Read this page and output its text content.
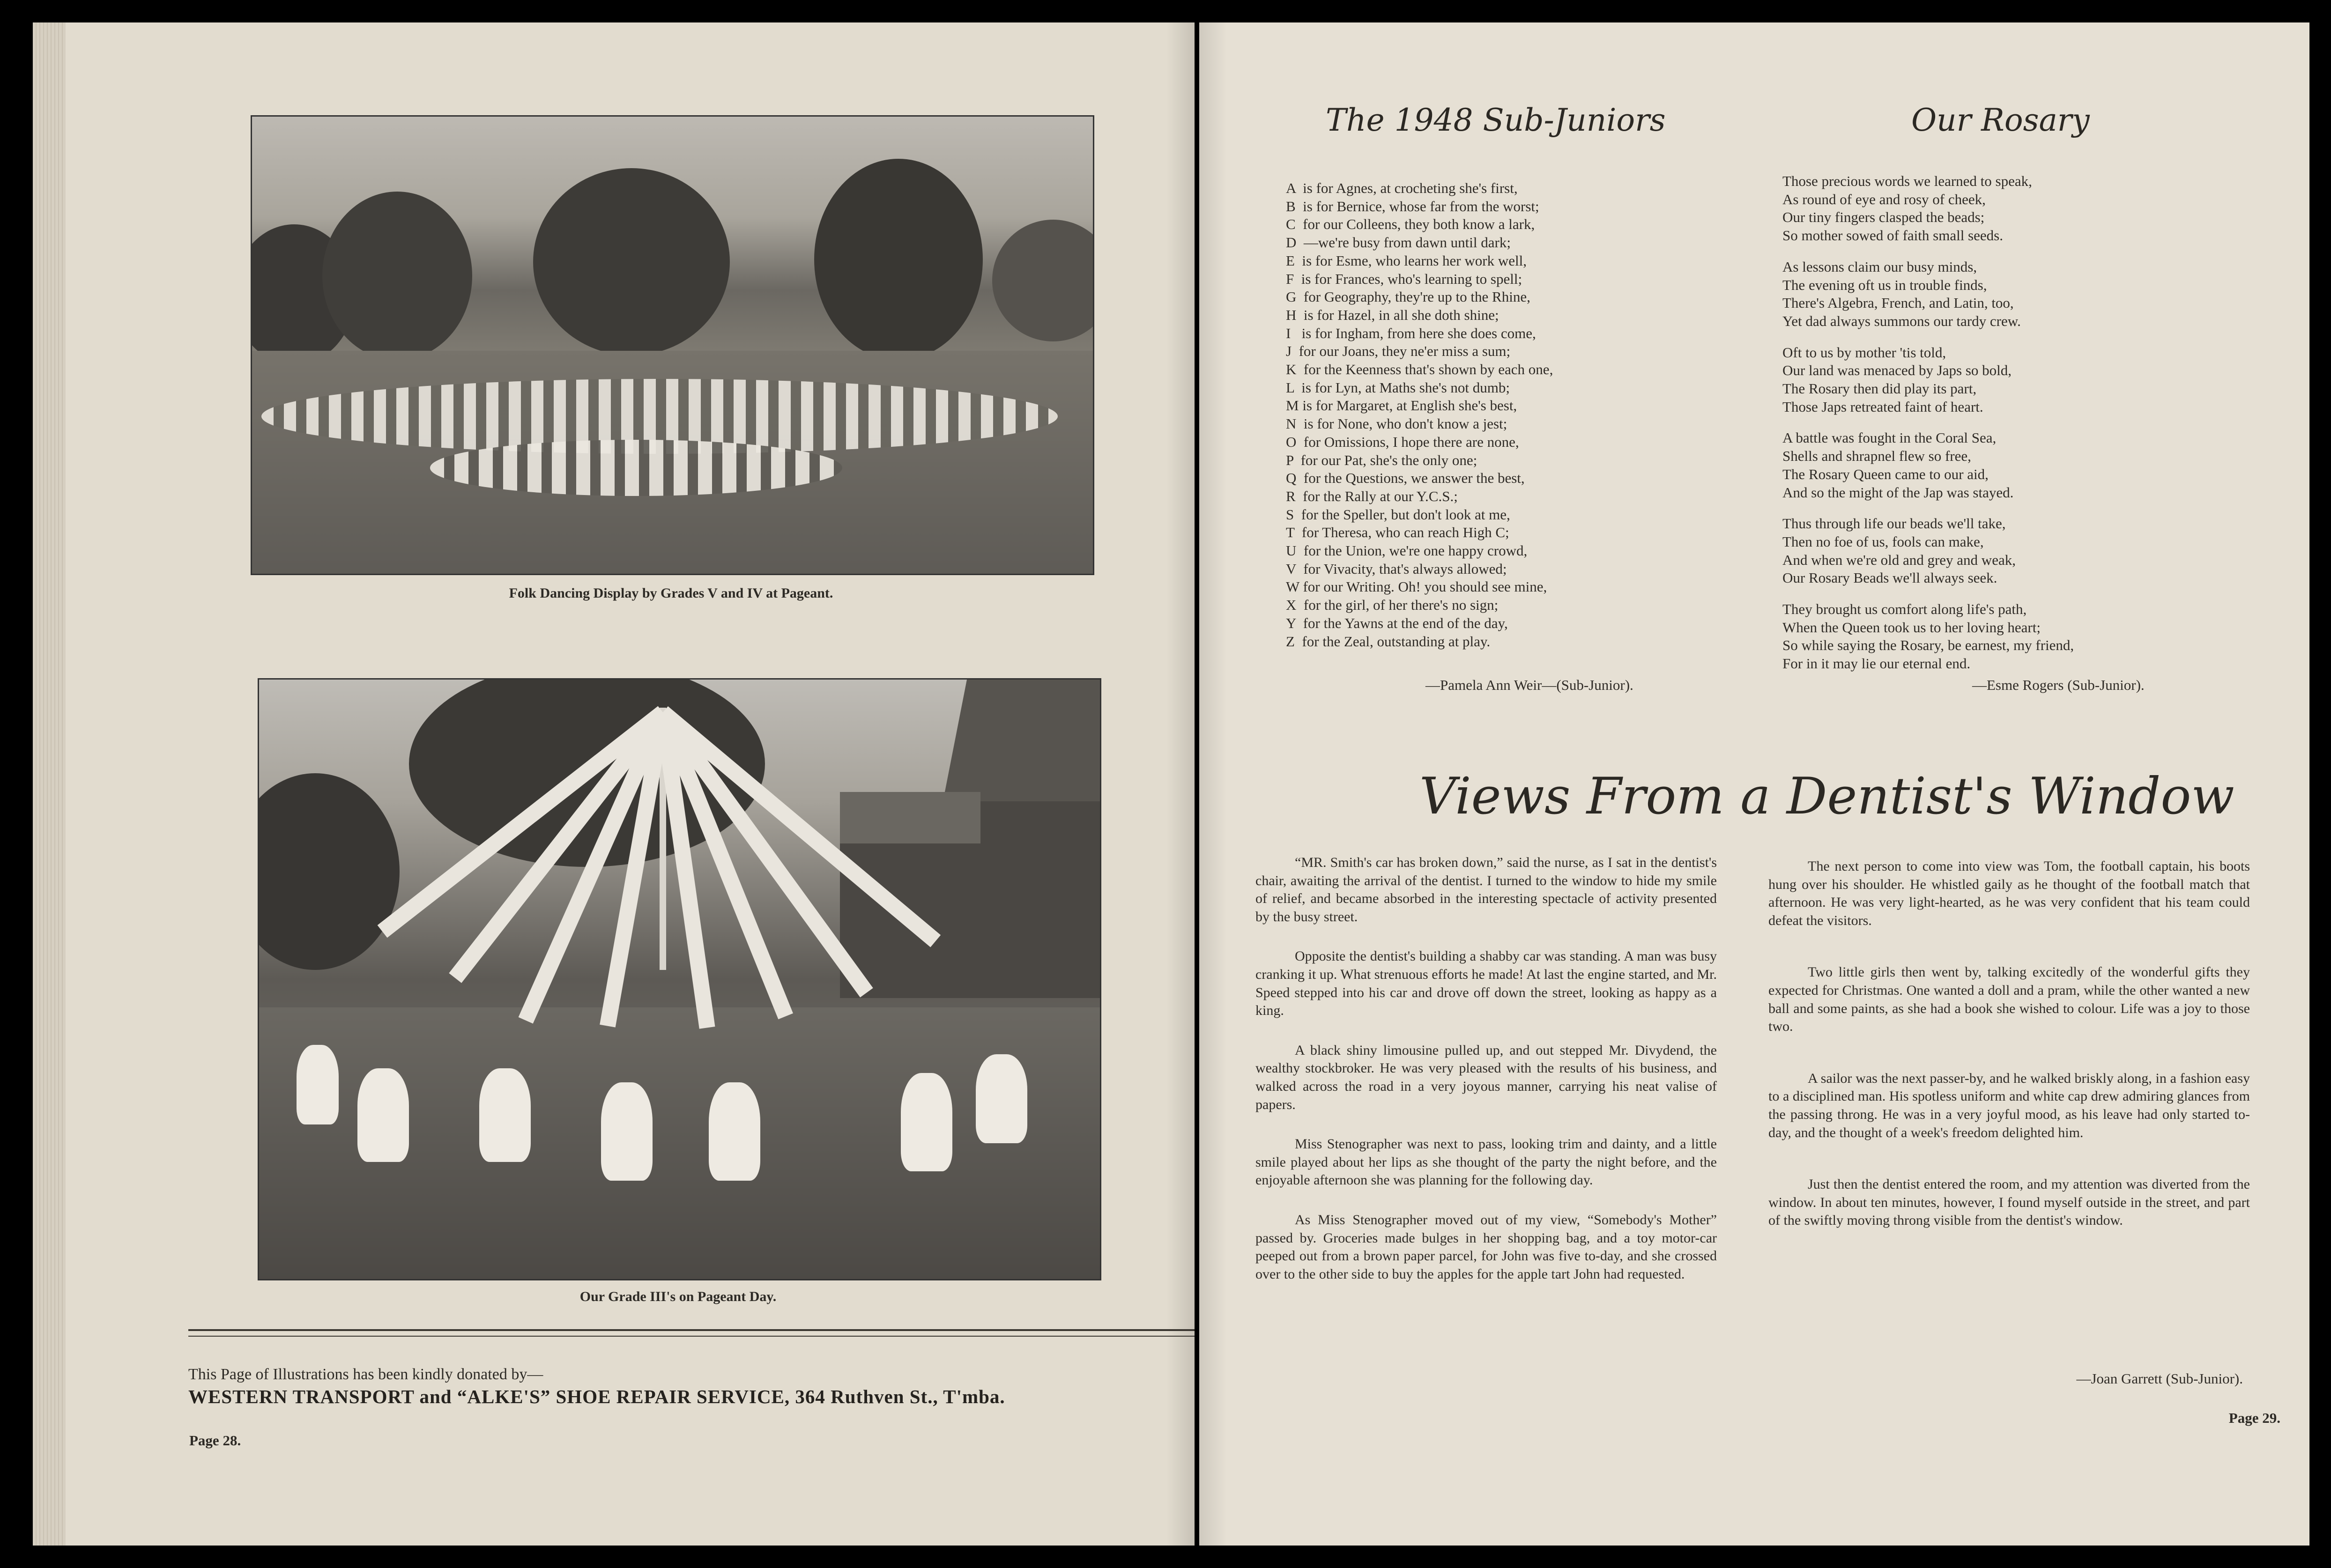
Folk Dancing Display by Grades V and IV at Pageant.
Our Grade III's on Pageant Day.
This Page of Illustrations has been kindly donated by—
WESTERN TRANSPORT and “ALKE'S” SHOE REPAIR SERVICE, 364 Ruthven St., T'mba.
Page 28.
The 1948 Sub-Juniors
A  is for Agnes, at crocheting she's first,
B  is for Bernice, whose far from the worst;
C  for our Colleens, they both know a lark,
D  —we're busy from dawn until dark;
E  is for Esme, who learns her work well,
F  is for Frances, who's learning to spell;
G  for Geography, they're up to the Rhine,
H  is for Hazel, in all she doth shine;
I   is for Ingham, from here she does come,
J  for our Joans, they ne'er miss a sum;
K  for the Keenness that's shown by each one,
L  is for Lyn, at Maths she's not dumb;
M is for Margaret, at English she's best,
N  is for None, who don't know a jest;
O  for Omissions, I hope there are none,
P  for our Pat, she's the only one;
Q  for the Questions, we answer the best,
R  for the Rally at our Y.C.S.;
S  for the Speller, but don't look at me,
T  for Theresa, who can reach High C;
U  for the Union, we're one happy crowd,
V  for Vivacity, that's always allowed;
W for our Writing. Oh! you should see mine,
X  for the girl, of her there's no sign;
Y  for the Yawns at the end of the day,
Z  for the Zeal, outstanding at play.
—Pamela Ann Weir—(Sub-Junior).
Our Rosary
Those precious words we learned to speak,
As round of eye and rosy of cheek,
Our tiny fingers clasped the beads;
So mother sowed of faith small seeds.
As lessons claim our busy minds,
The evening oft us in trouble finds,
There's Algebra, French, and Latin, too,
Yet dad always summons our tardy crew.
Oft to us by mother 'tis told,
Our land was menaced by Japs so bold,
The Rosary then did play its part,
Those Japs retreated faint of heart.
A battle was fought in the Coral Sea,
Shells and shrapnel flew so free,
The Rosary Queen came to our aid,
And so the might of the Jap was stayed.
Thus through life our beads we'll take,
Then no foe of us, fools can make,
And when we're old and grey and weak,
Our Rosary Beads we'll always seek.
They brought us comfort along life's path,
When the Queen took us to her loving heart;
So while saying the Rosary, be earnest, my friend,
For in it may lie our eternal end.
—Esme Rogers (Sub-Junior).
Views From a Dentist's Window

“MR. Smith's car has broken down,” said the nurse, as I sat in the dentist's chair, awaiting the arrival of the dentist. I turned to the window to hide my smile of relief, and became absorbed in the interesting spectacle of activity presented by the busy street.

Opposite the dentist's building a shabby car was standing. A man was busy cranking it up. What strenuous efforts he made! At last the engine started, and Mr. Speed stepped into his car and drove off down the street, looking as happy as a king.

A black shiny limousine pulled up, and out stepped Mr. Divydend, the wealthy stockbroker. He was very pleased with the results of his business, and walked across the road in a very joyous manner, carrying his neat valise of papers.

Miss Stenographer was next to pass, looking trim and dainty, and a little smile played about her lips as she thought of the party the night before, and the enjoyable afternoon she was planning for the following day.

As Miss Stenographer moved out of my view, “Somebody's Mother” passed by. Groceries made bulges in her shopping bag, and a toy motor-car peeped out from a brown paper parcel, for John was five to-day, and she crossed over to the other side to buy the apples for the apple tart John had requested.

The next person to come into view was Tom, the football captain, his boots hung over his shoulder. He whistled gaily as he thought of the football match that afternoon. He was very light-hearted, as he was very confident that his team could defeat the visitors.

Two little girls then went by, talking excitedly of the wonderful gifts they expected for Christmas. One wanted a doll and a pram, while the other wanted a new ball and some paints, as she had a book she wished to colour. Life was a joy to those two.

A sailor was the next passer-by, and he walked briskly along, in a fashion easy to a disciplined man. His spotless uniform and white cap drew admiring glances from the passing throng. He was in a very joyful mood, as his leave had only started to-day, and the thought of a week's freedom delighted him.

Just then the dentist entered the room, and my attention was diverted from the window. In about ten minutes, however, I found myself outside in the street, and part of the swiftly moving throng visible from the dentist's window.

—Joan Garrett (Sub-Junior).
Page 29.
